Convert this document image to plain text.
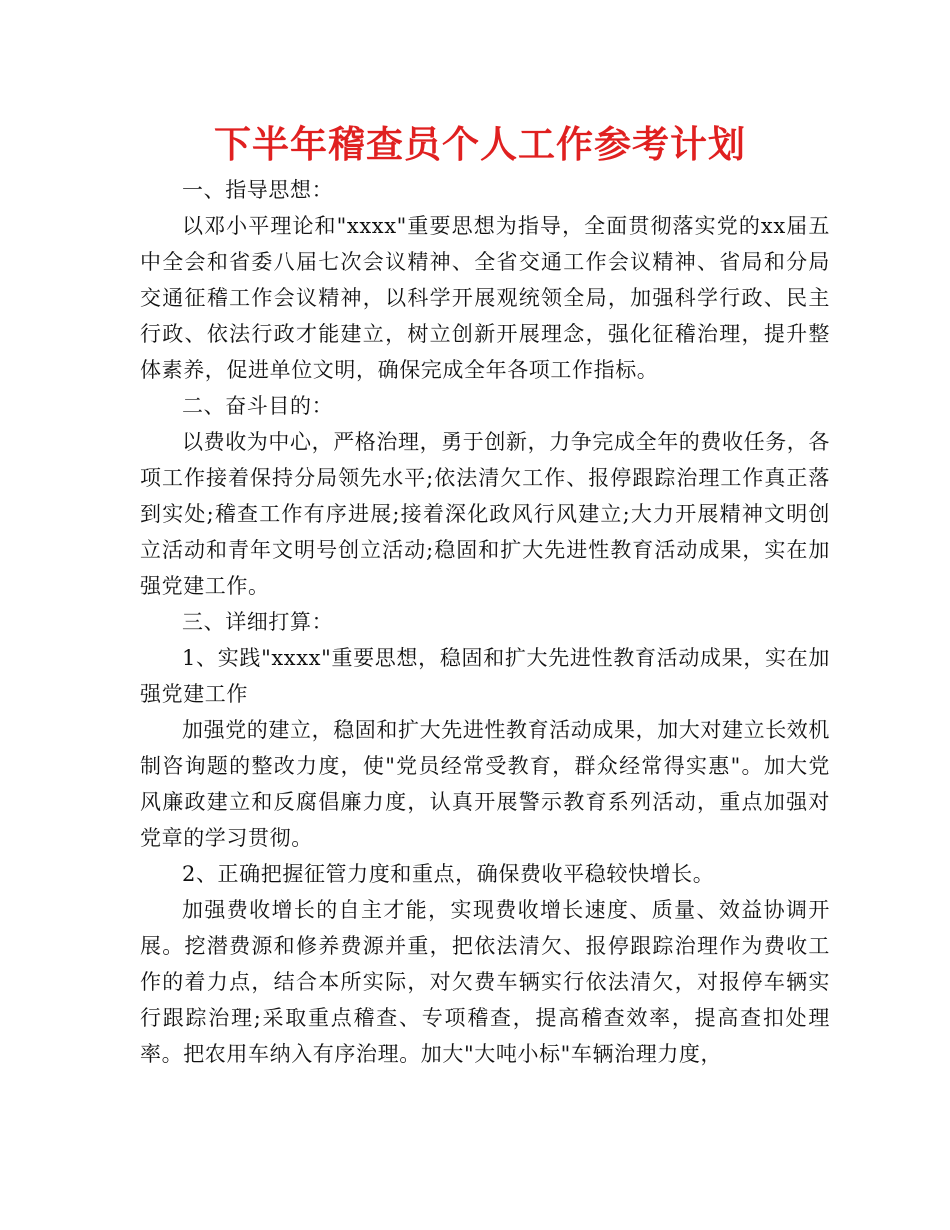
下半年稽查员个人工作参考计划

一、指导思想：

以邓小平理论和"xxxx"重要思想为指导，全面贯彻落实党的xx届五中全会和省委八届七次会议精神、全省交通工作会议精神、省局和分局交通征稽工作会议精神，以科学开展观统领全局，加强科学行政、民主行政、依法行政才能建立，树立创新开展理念，强化征稽治理，提升整体素养，促进单位文明，确保完成全年各项工作指标。

二、奋斗目的：

以费收为中心，严格治理，勇于创新，力争完成全年的费收任务，各项工作接着保持分局领先水平;依法清欠工作、报停跟踪治理工作真正落到实处;稽查工作有序进展;接着深化政风行风建立;大力开展精神文明创立活动和青年文明号创立活动;稳固和扩大先进性教育活动成果，实在加强党建工作。

三、详细打算：

1、实践"xxxx"重要思想，稳固和扩大先进性教育活动成果，实在加强党建工作

加强党的建立，稳固和扩大先进性教育活动成果，加大对建立长效机制咨询题的整改力度，使"党员经常受教育，群众经常得实惠"。加大党风廉政建立和反腐倡廉力度，认真开展警示教育系列活动，重点加强对党章的学习贯彻。

2、正确把握征管力度和重点，确保费收平稳较快增长。

加强费收增长的自主才能，实现费收增长速度、质量、效益协调开展。挖潜费源和修养费源并重，把依法清欠、报停跟踪治理作为费收工作的着力点，结合本所实际，对欠费车辆实行依法清欠，对报停车辆实行跟踪治理;采取重点稽查、专项稽查，提高稽查效率，提高查扣处理率。把农用车纳入有序治理。加大"大吨小标"车辆治理力度，
